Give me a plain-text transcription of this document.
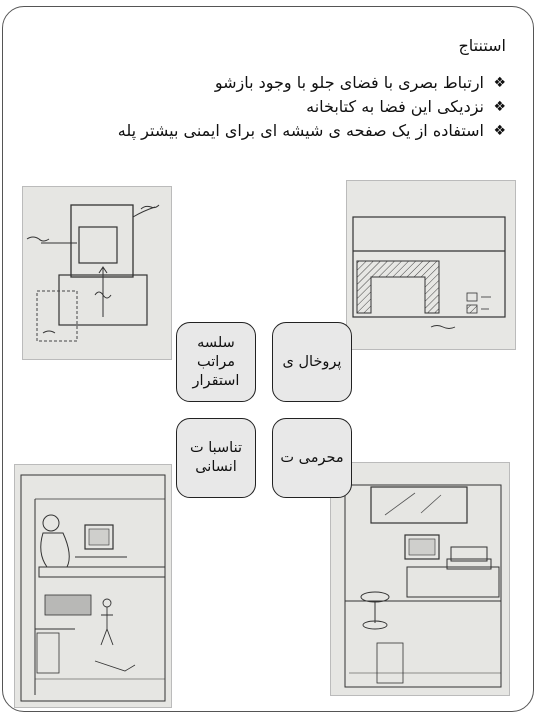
استنتاج
❖
ارتباط بصری با فضای جلو با وجود بازشو
❖
نزدیکی این فضا به کتابخانه
❖
استفاده از یک صفحه ی شیشه ای برای ایمنی بیشتر پله
سلسه مراتب استقرار
پروخال ی
تناسبا ت انسانی
محرمی ت
